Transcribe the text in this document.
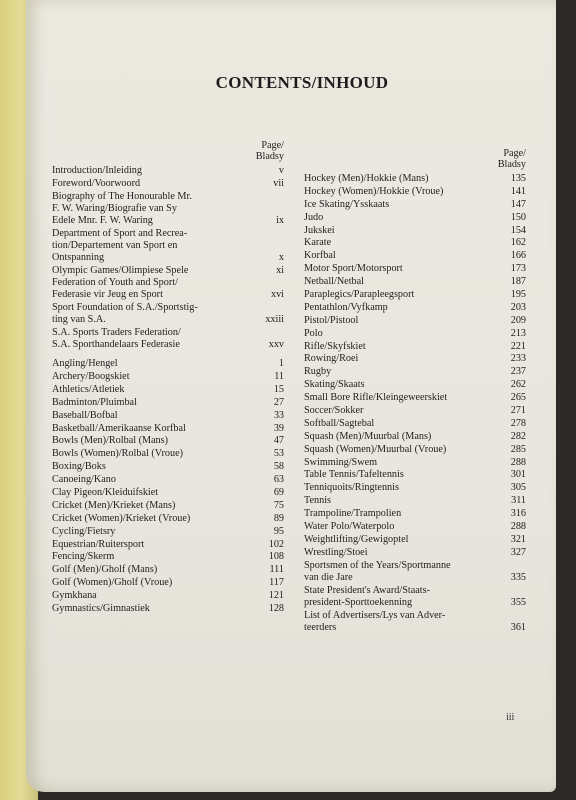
CONTENTS/INHOUD
Page/
Bladsy
Introduction/Inleiding	v
Foreword/Voorwoord	vii
Biography of The Honourable Mr.
F. W. Waring/Biografie van Sy
Edele Mnr. F. W. Waring	ix
Department of Sport and Recrea-
tion/Departement van Sport en
Ontspanning	x
Olympic Games/Olimpiese Spele	xi
Federation of Youth and Sport/
Federasie vir Jeug en Sport	xvi
Sport Foundation of S.A./Sportstig-
ting van S.A.	xxiii
S.A. Sports Traders Federation/
S.A. Sporthandelaars Federasie	xxv
Angling/Hengel	1
Archery/Boogskiet	11
Athletics/Atletiek	15
Badminton/Pluimbal	27
Baseball/Bofbal	33
Basketball/Amerikaanse Korfbal	39
Bowls (Men)/Rolbal (Mans)	47
Bowls (Women)/Rolbal (Vroue)	53
Boxing/Boks	58
Canoeing/Kano	63
Clay Pigeon/Kleiduifskiet	69
Cricket (Men)/Krieket (Mans)	75
Cricket (Women)/Krieket (Vroue)	89
Cycling/Fietsry	95
Equestrian/Ruitersport	102
Fencing/Skerm	108
Golf (Men)/Gholf (Mans)	111
Golf (Women)/Gholf (Vroue)	117
Gymkhana	121
Gymnastics/Gimnastiek	128
Page/
Bladsy
Hockey (Men)/Hokkie (Mans)	135
Hockey (Women)/Hokkie (Vroue)	141
Ice Skating/Ysskaats	147
Judo	150
Jukskei	154
Karate	162
Korfbal	166
Motor Sport/Motorsport	173
Netball/Netbal	187
Paraplegics/Parapleegsport	195
Pentathlon/Vyfkamp	203
Pistol/Pistool	209
Polo	213
Rifle/Skyfskiet	221
Rowing/Roei	233
Rugby	237
Skating/Skaats	262
Small Bore Rifle/Kleingeweerskiet	265
Soccer/Sokker	271
Softball/Sagtebal	278
Squash (Men)/Muurbal (Mans)	282
Squash (Women)/Muurbal (Vroue)	285
Swimming/Swem	288
Table Tennis/Tafeltennis	301
Tenniquoits/Ringtennis	305
Tennis	311
Trampoline/Trampolien	316
Water Polo/Waterpolo	288
Weightlifting/Gewigoptel	321
Wrestling/Stoei	327
Sportsmen of the Years/Sportmanne
van die Jare	335
State President's Award/Staats-
president-Sporttoekenning	355
List of Advertisers/Lys van Adver-
teerders	361
iii
